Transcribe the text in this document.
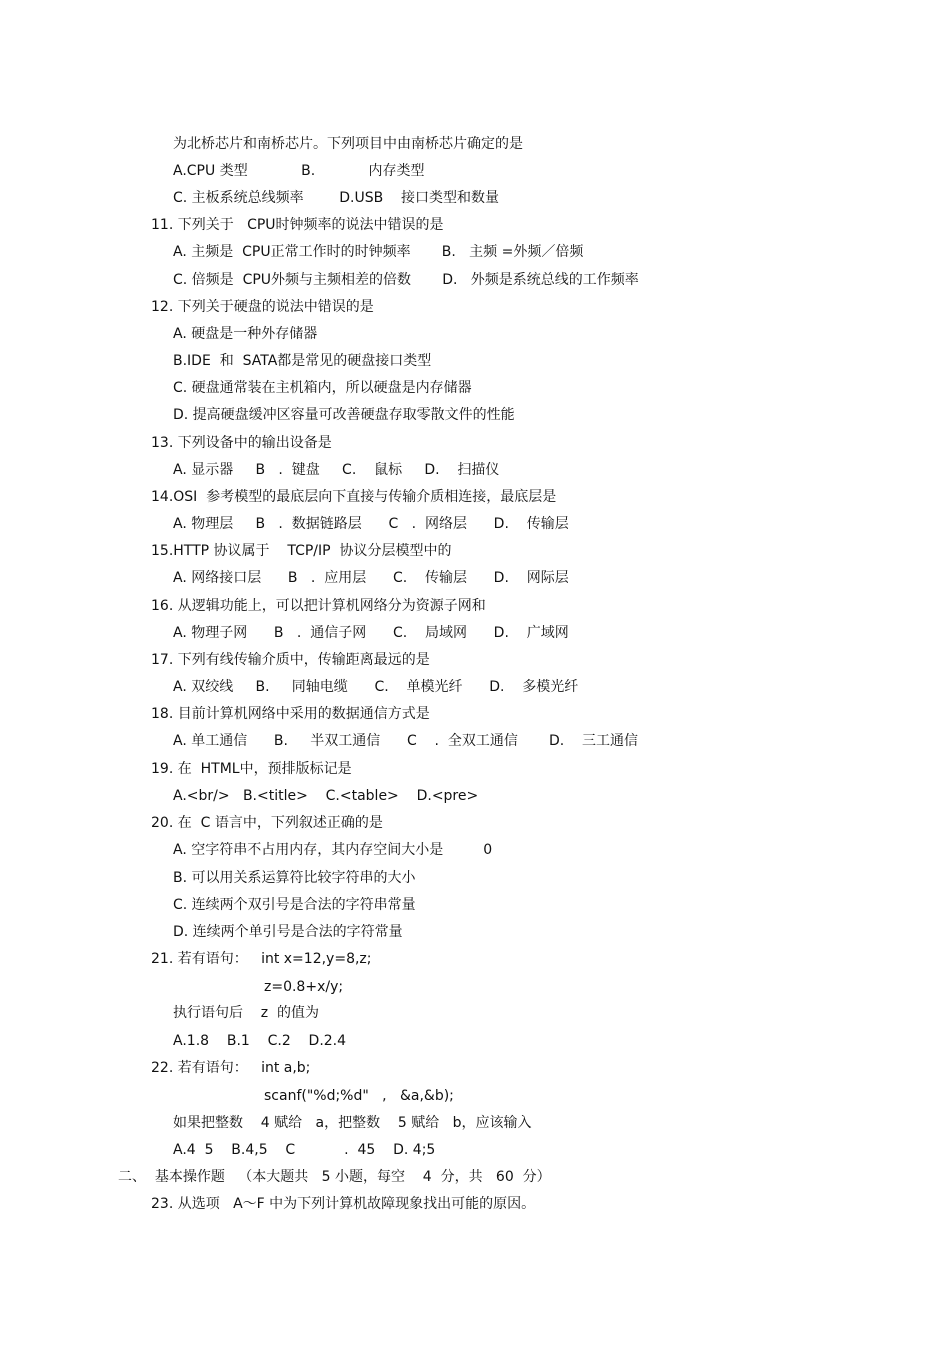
为北桥芯片和南桥芯片。下列项目中由南桥芯片确定的是
A.CPU 类型            B.            内存类型
C. 主板系统总线频率        D.USB    接口类型和数量
11. 下列关于   CPU时钟频率的说法中错误的是
A. 主频是  CPU正常工作时的时钟频率       B.   主频 =外频／倍频
C. 倍频是  CPU外频与主频相差的倍数       D.   外频是系统总线的工作频率
12. 下列关于硬盘的说法中错误的是
A. 硬盘是一种外存储器
B.IDE  和  SATA都是常见的硬盘接口类型
C. 硬盘通常装在主机箱内，所以硬盘是内存储器
D. 提高硬盘缓冲区容量可改善硬盘存取零散文件的性能
13. 下列设备中的输出设备是
A. 显示器     B   .  键盘     C.    鼠标     D.    扫描仪
14.OSI  参考模型的最底层向下直接与传输介质相连接，最底层是
A. 物理层     B   .  数据链路层      C   .  网络层      D.    传输层
15.HTTP 协议属于    TCP/IP  协议分层模型中的
A. 网络接口层      B   .  应用层      C.    传输层      D.    网际层
16. 从逻辑功能上，可以把计算机网络分为资源子网和
A. 物理子网      B   .  通信子网      C.    局域网      D.    广域网
17. 下列有线传输介质中，传输距离最远的是
A. 双绞线     B.     同轴电缆      C.    单模光纤      D.    多模光纤
18. 目前计算机网络中采用的数据通信方式是
A. 单工通信      B.     半双工通信      C    .  全双工通信       D.    三工通信
19. 在  HTML中，预排版标记是
A.<br/>   B.<title>    C.<table>    D.<pre>
20. 在  C 语言中，下列叙述正确的是
A. 空字符串不占用内存，其内存空间大小是         0
B. 可以用关系运算符比较字符串的大小
C. 连续两个双引号是合法的字符串常量
D. 连续两个单引号是合法的字符常量
21. 若有语句：   int x=12,y=8,z;
z=0.8+x/y;
执行语句后    z  的值为
A.1.8    B.1    C.2    D.2.4
22. 若有语句：   int a,b;
scanf("%d;%d"   ,   &a,&b);
如果把整数    4 赋给   a，把整数    5 赋给   b，应该输入
A.4  5    B.4,5    C           .  45    D. 4;5
二、  基本操作题   （本大题共   5 小题，每空    4  分，共   60  分）
23. 从选项   A～F 中为下列计算机故障现象找出可能的原因。
